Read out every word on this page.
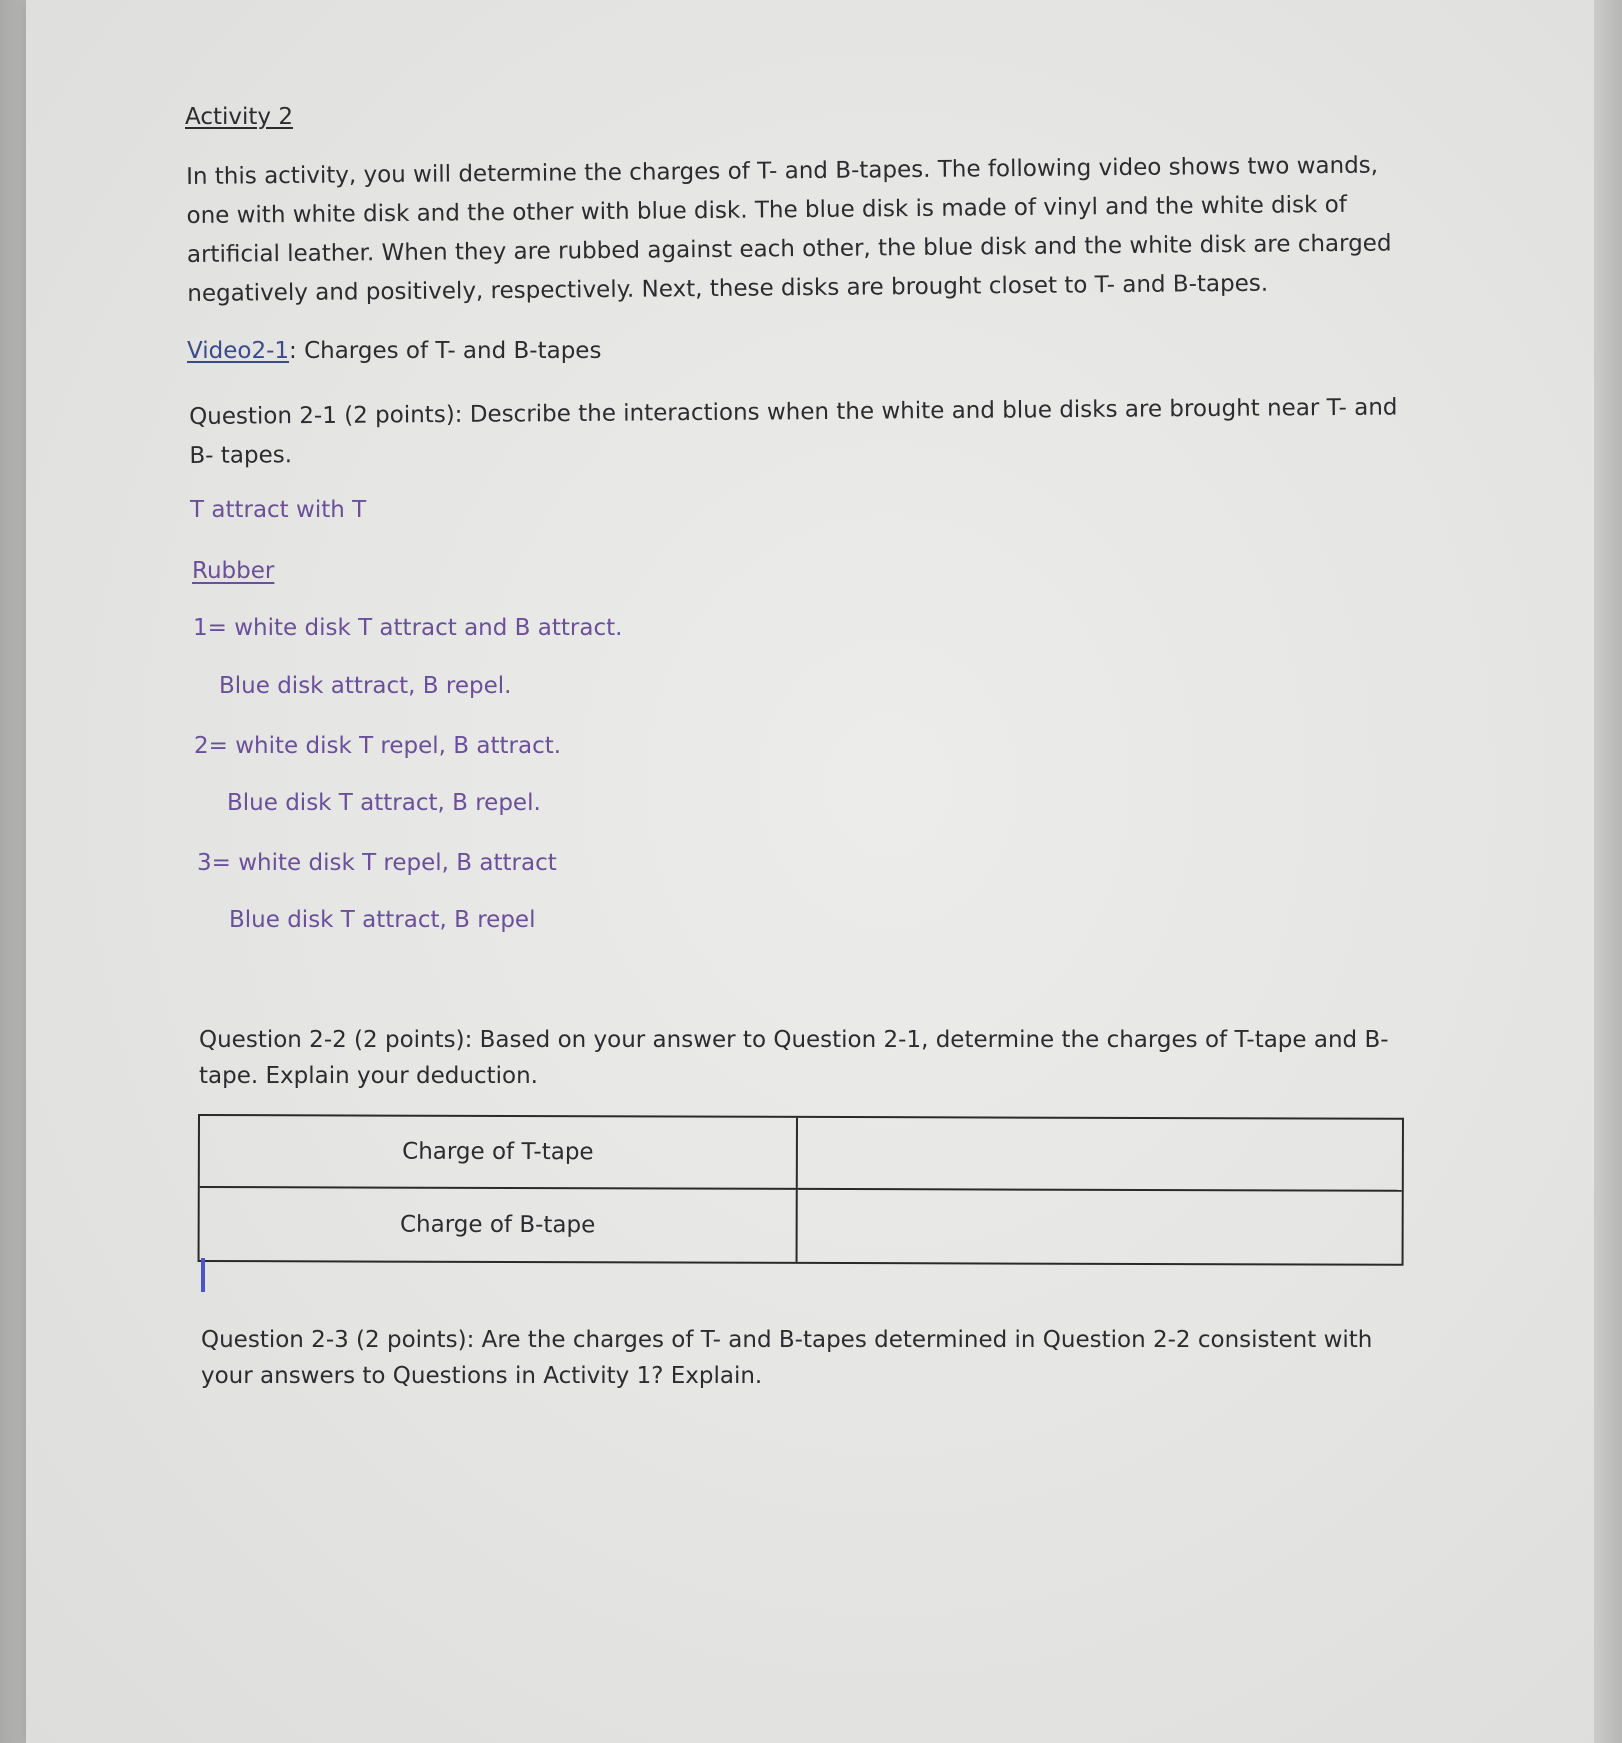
Activity 2
In this activity, you will determine the charges of T- and B-tapes. The following video shows two wands,
one with white disk and the other with blue disk. The blue disk is made of vinyl and the white disk of
artificial leather. When they are rubbed against each other, the blue disk and the white disk are charged
negatively and positively, respectively. Next, these disks are brought closet to T- and B-tapes.
Video2-1: Charges of T- and B-tapes
Question 2-1 (2 points): Describe the interactions when the white and blue disks are brought near T- and
B- tapes.
T attract with T
Rubber
1= white disk T attract and B attract.
Blue disk attract, B repel.
2= white disk T repel, B attract.
Blue disk T attract, B repel.
3= white disk T repel, B attract
Blue disk T attract, B repel
Question 2-2 (2 points): Based on your answer to Question 2-1, determine the charges of T-tape and B-
tape. Explain your deduction.
Charge of T-tape
Charge of B-tape
Question 2-3 (2 points): Are the charges of T- and B-tapes determined in Question 2-2 consistent with
your answers to Questions in Activity 1? Explain.
